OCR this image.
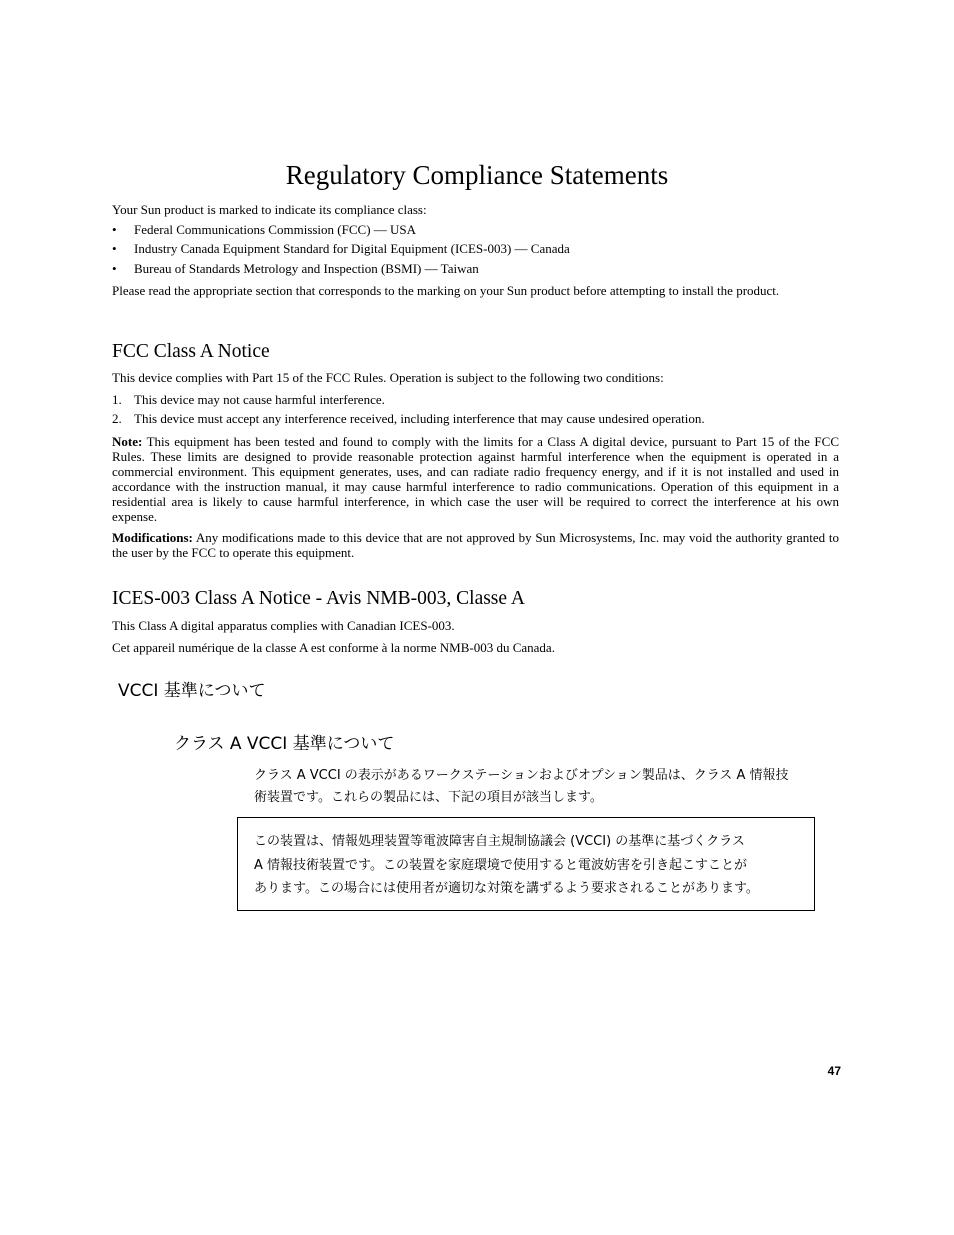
Regulatory Compliance Statements

Your Sun product is marked to indicate its compliance class:

• Federal Communications Commission (FCC) — USA
• Industry Canada Equipment Standard for Digital Equipment (ICES-003) — Canada
• Bureau of Standards Metrology and Inspection (BSMI) — Taiwan

Please read the appropriate section that corresponds to the marking on your Sun product before attempting to install the product.

FCC Class A Notice

This device complies with Part 15 of the FCC Rules. Operation is subject to the following two conditions:

1. This device may not cause harmful interference.
2. This device must accept any interference received, including interference that may cause undesired operation.

Note: This equipment has been tested and found to comply with the limits for a Class A digital device, pursuant to Part 15 of the FCC Rules. These limits are designed to provide reasonable protection against harmful interference when the equipment is operated in a commercial environment. This equipment generates, uses, and can radiate radio frequency energy, and if it is not installed and used in accordance with the instruction manual, it may cause harmful interference to radio communications. Operation of this equipment in a residential area is likely to cause harmful interference, in which case the user will be required to correct the interference at his own expense.

Modifications: Any modifications made to this device that are not approved by Sun Microsystems, Inc. may void the authority granted to the user by the FCC to operate this equipment.

ICES-003 Class A Notice - Avis NMB-003, Classe A

This Class A digital apparatus complies with Canadian ICES-003.

Cet appareil numérique de la classe A est conforme à la norme NMB-003 du Canada.

VCCI 基準について
クラス A VCCI 基準について

クラス A VCCI の表示があるワークステーションおよびオプション製品は、クラス A 情報技

術装置です。これらの製品には、下記の項目が該当します。

この装置は、情報処理装置等電波障害自主規制協議会 (VCCI) の基準に基づくクラス
A 情報技術装置です。この装置を家庭環境で使用すると電波妨害を引き起こすことが
あります。この場合には使用者が適切な対策を講ずるよう要求されることがあります。
47
